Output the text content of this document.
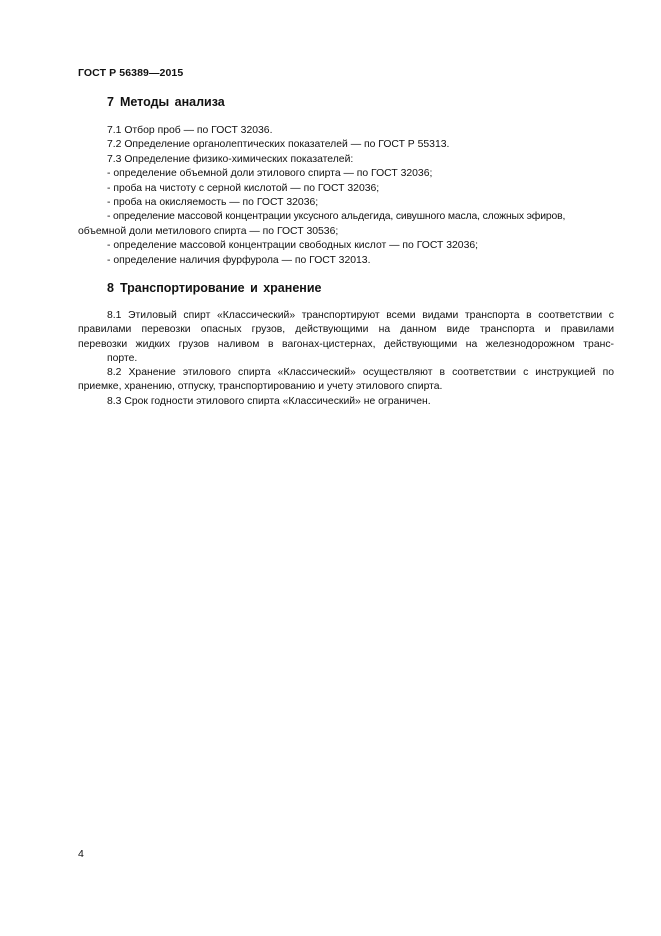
ГОСТ Р 56389—2015
7 Методы анализа
7.1 Отбор проб — по ГОСТ 32036.
7.2 Определение органолептических показателей — по ГОСТ Р 55313.
7.3 Определение физико-химических показателей:
- определение объемной доли этилового спирта — по ГОСТ 32036;
- проба на чистоту с серной кислотой — по ГОСТ 32036;
- проба на окисляемость — по ГОСТ 32036;
- определение массовой концентрации уксусного альдегида, сивушного масла, сложных эфиров,
объемной доли метилового спирта — по ГОСТ 30536;
- определение массовой концентрации свободных кислот — по ГОСТ 32036;
- определение наличия фурфурола — по ГОСТ 32013.
8 Транспортирование и хранение
8.1 Этиловый спирт «Классический» транспортируют всеми видами транспорта в соответствии с
правилами перевозки опасных грузов, действующими на данном виде транспорта и правилами
перевозки жидких грузов наливом в вагонах-цистернах, действующими на железнодорожном транс-
порте.
8.2 Хранение этилового спирта «Классический» осуществляют в соответствии с инструкцией по
приемке, хранению, отпуску, транспортированию и учету этилового спирта.
8.3 Срок годности этилового спирта «Классический» не ограничен.
4
